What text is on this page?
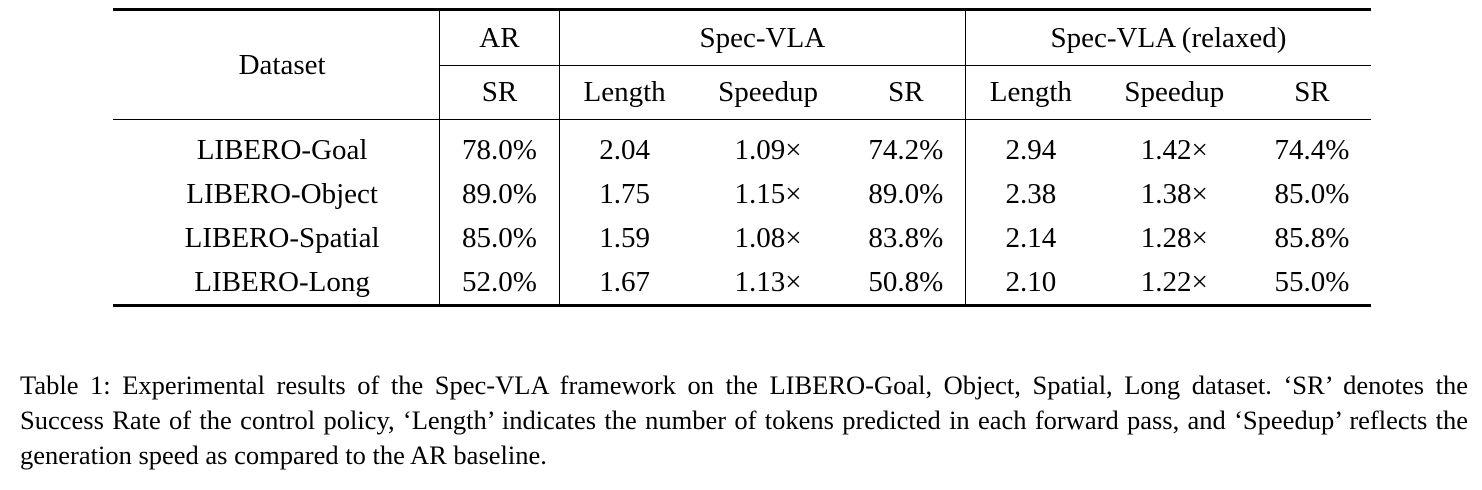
Dataset	AR	Spec-VLA			Spec-VLA (relaxed)		
	SR	Length	Speedup	SR	Length	Speedup	SR
LIBERO-Goal	78.0%	2.04	1.09×	74.2%	2.94	1.42×	74.4%
LIBERO-Object	89.0%	1.75	1.15×	89.0%	2.38	1.38×	85.0%
LIBERO-Spatial	85.0%	1.59	1.08×	83.8%	2.14	1.28×	85.8%
LIBERO-Long	52.0%	1.67	1.13×	50.8%	2.10	1.22×	55.0%
Table 1: Experimental results of the Spec-VLA framework on the LIBERO-Goal, Object, Spatial, Long dataset. ‘SR’ denotes the Success Rate of the control policy, ‘Length’ indicates the number of tokens predicted in each forward pass, and ‘Speedup’ reflects the generation speed as compared to the AR baseline.
